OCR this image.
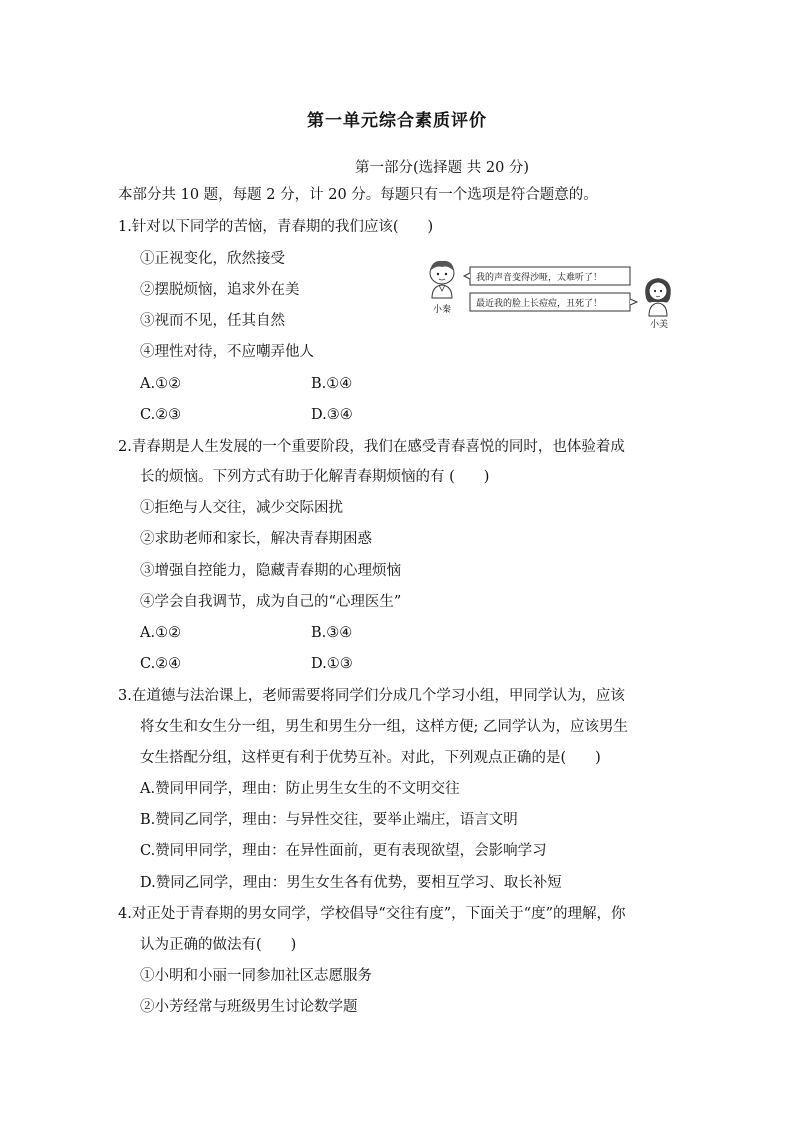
第一单元综合素质评价
第一部分(选择题 共 20 分)
本部分共 10 题，每题 2 分，计 20 分。每题只有一个选项是符合题意的。
1.针对以下同学的苦恼，青春期的我们应该(　　)
①正视变化，欣然接受
②摆脱烦恼，追求外在美
③视而不见，任其自然
④理性对待，不应嘲弄他人
A.①②	B.①④
C.②③	D.③④
我的声音变得沙哑，太难听了！
最近我的脸上长痘痘，丑死了！
小秦
小美
2.青春期是人生发展的一个重要阶段，我们在感受青春喜悦的同时，也体验着成
长的烦恼。下列方式有助于化解青春期烦恼的有 (　　)
①拒绝与人交往，减少交际困扰
②求助老师和家长，解决青春期困惑
③增强自控能力，隐藏青春期的心理烦恼
④学会自我调节，成为自己的“心理医生”
A.①②	B.③④
C.②④	D.①③
3.在道德与法治课上，老师需要将同学们分成几个学习小组，甲同学认为，应该
将女生和女生分一组，男生和男生分一组，这样方便; 乙同学认为，应该男生
女生搭配分组，这样更有利于优势互补。对此，下列观点正确的是(　　)
A.赞同甲同学，理由：防止男生女生的不文明交往
B.赞同乙同学，理由：与异性交往，要举止端庄，语言文明
C.赞同甲同学，理由：在异性面前，更有表现欲望，会影响学习
D.赞同乙同学，理由：男生女生各有优势，要相互学习、取长补短
4.对正处于青春期的男女同学，学校倡导“交往有度”，下面关于“度”的理解，你
认为正确的做法有(　　)
①小明和小丽一同参加社区志愿服务
②小芳经常与班级男生讨论数学题
